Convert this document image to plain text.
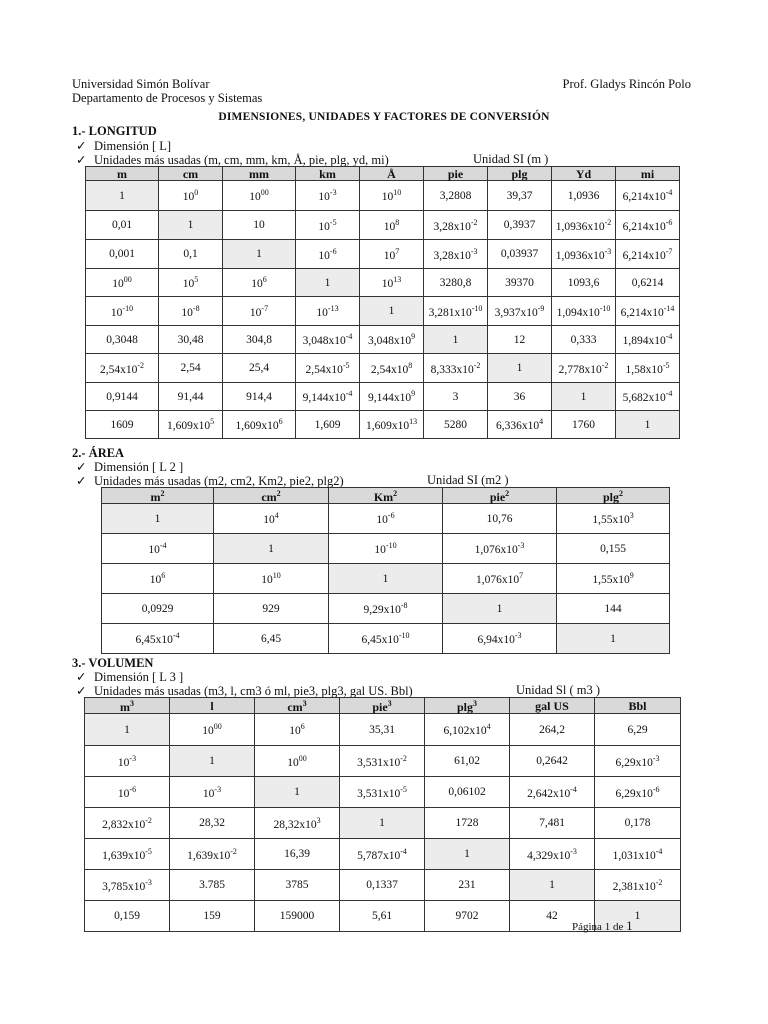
Universidad Simón Bolívar
Departamento de Procesos y Sistemas
Prof. Gladys Rincón Polo
DIMENSIONES, UNIDADES Y FACTORES DE CONVERSIÓN
1.- LONGITUD
✓ Dimensión [ L]
✓ Unidades más usadas (m, cm, mm, km, Å, pie, plg, yd, mi)	Unidad SI (m )
m	cm	mm	km	Å	pie	plg	Yd	mi
1	$10^0$	$10^{00}$	$10^{-3}$	$10^{10}$	3,2808	39,37	1,0936	$6,214x10^{-4}$
0,01	1	10	$10^{-5}$	$10^8$	$3,28x10^{-2}$	0,3937	$1,0936x10^{-2}$	$6,214x10^{-6}$
0,001	0,1	1	$10^{-6}$	$10^7$	$3,28x10^{-3}$	0,03937	$1,0936x10^{-3}$	$6,214x10^{-7}$
$10^{00}$	$10^5$	$10^6$	1	$10^{13}$	3280,8	39370	1093,6	0,6214
$10^{-10}$	$10^{-8}$	$10^{-7}$	$10^{-13}$	1	$3,281x10^{-10}$	$3,937x10^{-9}$	$1,094x10^{-10}$	$6,214x10^{-14}$
0,3048	30,48	304,8	$3,048x10^{-4}$	$3,048x10^9$	1	12	0,333	$1,894x10^{-4}$
$2,54x10^{-2}$	2,54	25,4	$2,54x10^{-5}$	$2,54x10^8$	$8,333x10^{-2}$	1	$2,778x10^{-2}$	$1,58x10^{-5}$
0,9144	91,44	914,4	$9,144x10^{-4}$	$9,144x10^9$	3	36	1	$5,682x10^{-4}$
1609	$1,609x10^5$	$1,609x10^6$	1,609	$1,609x10^{13}$	5280	$6,336x10^4$	1760	1
2.- ÁREA
✓ Dimensión [ L 2 ]
✓ Unidades más usadas (m2, cm2, Km2, pie2, plg2)	Unidad SI (m2 )
$m^2$	$cm^2$	Km$^2$	pie$^2$	plg$^2$
1	$10^4$	$10^{-6}$	10,76	$1,55x10^3$
$10^{-4}$	1	$10^{-10}$	$1,076x10^{-3}$	0,155
$10^6$	$10^{10}$	1	$1,076x10^7$	$1,55x10^9$
0,0929	929	$9,29x10^{-8}$	1	144
$6,45x10^{-4}$	6,45	$6,45x10^{-10}$	$6,94x10^{-3}$	1
3.- VOLUMEN
✓ Dimensión [ L 3 ]
✓ Unidades más usadas (m3, l, cm3 ó ml, pie3, plg3, gal US. Bbl)	Unidad Sl ( m3 )
$m^3$	l	$cm^3$	pie$^3$	plg$^3$	gal US	Bbl
1	$10^{00}$	$10^6$	35,31	$6,102x10^4$	264,2	6,29
$10^{-3}$	1	$10^{00}$	$3,531x10^{-2}$	61,02	0,2642	$6,29x10^{-3}$
$10^{-6}$	$10^{-3}$	1	$3,531x10^{-5}$	0,06102	$2,642x10^{-4}$	$6,29x10^{-6}$
$2,832x10^{-2}$	28,32	$28,32x10^3$	1	1728	7,481	0,178
$1,639x10^{-5}$	$1,639x10^{-2}$	16,39	$5,787x10^{-4}$	1	$4,329x10^{-3}$	$1,031x10^{-4}$
$3,785x10^{-3}$	3.785	3785	0,1337	231	1	$2,381x10^{-2}$
0,159	159	159000	5,61	9702	42	1
Página 1 de 1
